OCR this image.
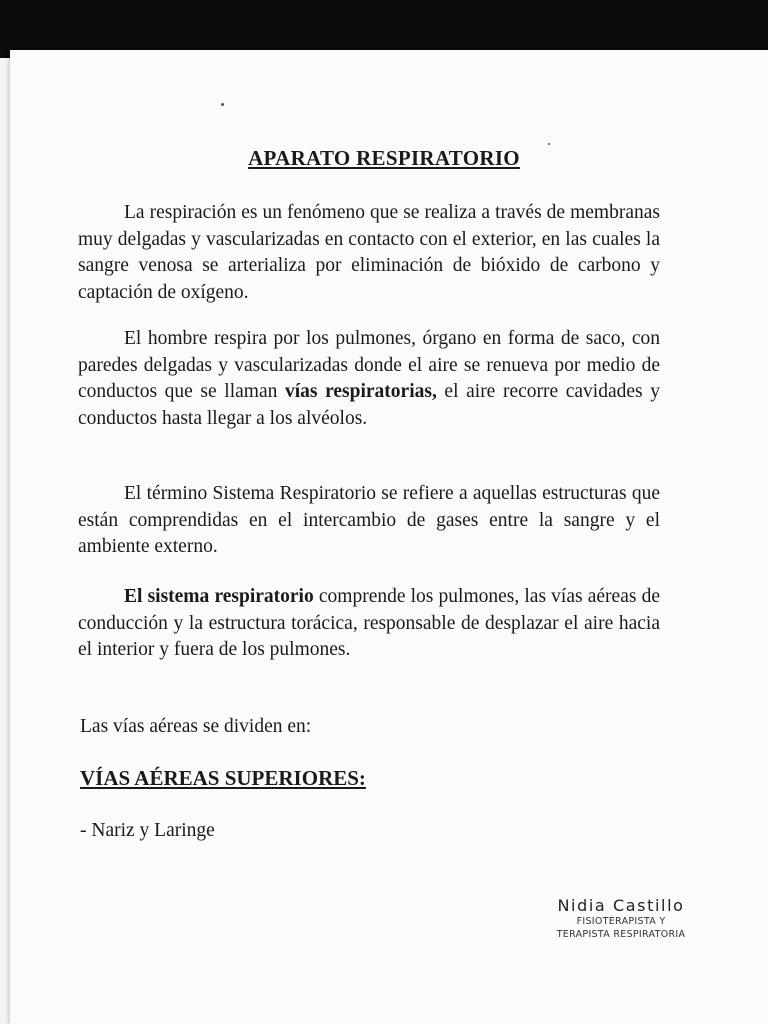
APARATO RESPIRATORIO

La respiración es un fenómeno que se realiza a través de membranas muy delgadas y vascularizadas en contacto con el exterior, en las cuales la sangre venosa se arterializa por eliminación de bióxido de carbono y captación de oxígeno.

El hombre respira por los pulmones, órgano en forma de saco, con paredes delgadas y vascularizadas donde el aire se renueva por medio de conductos que se llaman vías respiratorias, el aire recorre cavidades y conductos hasta llegar a los alvéolos.

El término Sistema Respiratorio se refiere a aquellas estructuras que están comprendidas en el intercambio de gases entre la sangre y el ambiente externo.

El sistema respiratorio comprende los pulmones, las vías aéreas de conducción y la estructura torácica, responsable de desplazar el aire hacia el interior y fuera de los pulmones.

Las vías aéreas se dividen en:
VÍAS AÉREAS SUPERIORES:
- Nariz y Laringe
Nidia Castillo
FISIOTERAPISTA Y
TERAPISTA RESPIRATORIA
